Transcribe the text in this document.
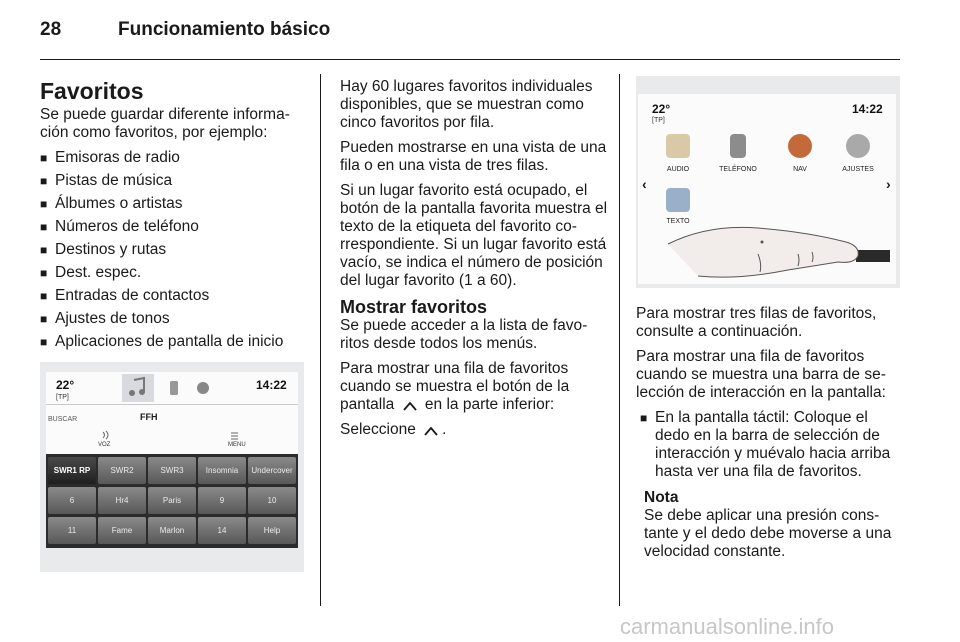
28	Funcionamiento básico
Favoritos

Se puede guardar diferente informa- ción como favoritos, por ejemplo:

■ Emisoras de radio
■ Pistas de música
■ Álbumes o artistas
■ Números de teléfono
■ Destinos y rutas
■ Dest. espec.
■ Entradas de contactos
■ Ajustes de tonos
■ Aplicaciones de pantalla de inicio
22°
[TP]
14:22
BUSCAR	FFH
VOZ	MENU
SWR1 RP	SWR2	SWR3	Insomnia	Undercover
6	Hr4	Paris	9	10
11	Fame	Marlon	14	Help

Hay 60 lugares favoritos individuales disponibles, que se muestran como cinco favoritos por fila.

Pueden mostrarse en una vista de una fila o en una vista de tres filas.

Si un lugar favorito está ocupado, el botón de la pantalla favorita muestra el texto de la etiqueta del favorito co- rrespondiente. Si un lugar favorito está vacío, se indica el número de posición del lugar favorito (1 a 60).

Mostrar favoritos

Se puede acceder a la lista de favo- ritos desde todos los menús.

Para mostrar una fila de favoritos cuando se muestra el botón de la pantalla en la parte inferior:

Seleccione .

22°
[TP]
14:22
‹	›
AUDIO	TELÉFONO	NAV	AJUSTES
TEXTO

Para mostrar tres filas de favoritos, consulte a continuación.

Para mostrar una fila de favoritos cuando se muestra una barra de se- lección de interacción en la pantalla:

■ En la pantalla táctil: Coloque el dedo en la barra de selección de interacción y muévalo hacia arriba hasta ver una fila de favoritos.
Nota
Se debe aplicar una presión cons- tante y el dedo debe moverse a una velocidad constante.
carmanualsonline.info
